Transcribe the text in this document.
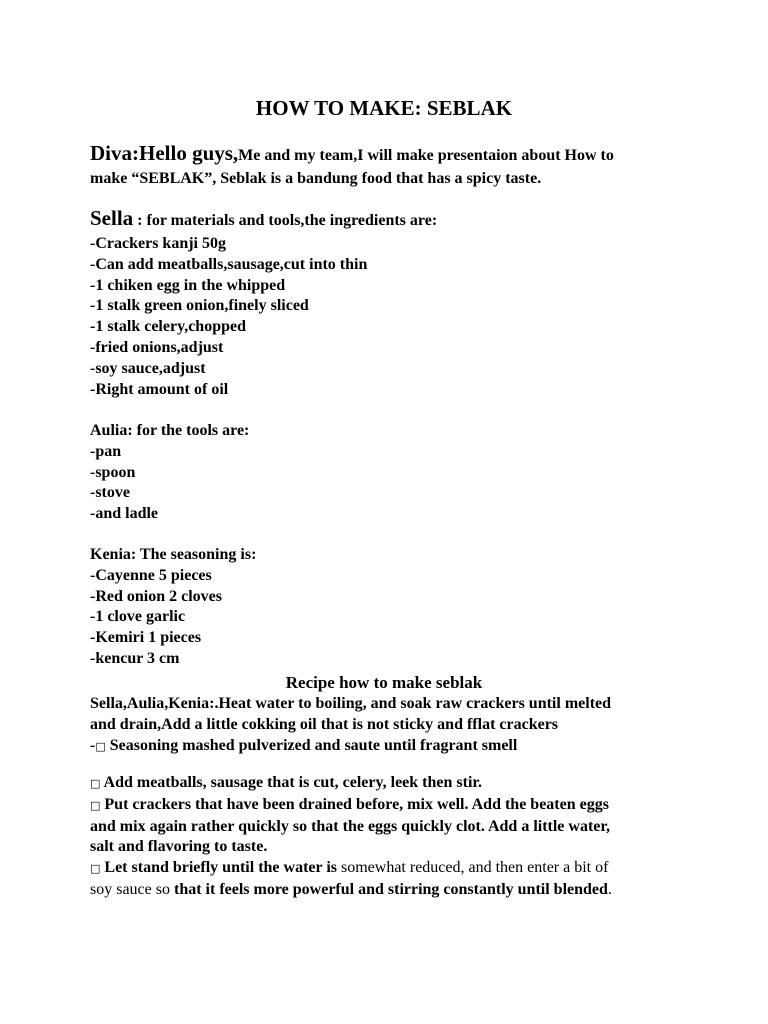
HOW TO MAKE: SEBLAK
Diva:Hello guys,Me and my team,I will make presentaion about How to
make “SEBLAK”, Seblak is a bandung food that has a spicy taste.
Sella : for materials and tools,the ingredients are:
-Crackers kanji 50g
-Can add meatballs,sausage,cut into thin
-1 chiken egg in the whipped
-1 stalk green onion,finely sliced
-1 stalk celery,chopped
-fried onions,adjust
-soy sauce,adjust
-Right amount of oil
Aulia: for the tools are:
-pan
-spoon
-stove
-and ladle
Kenia: The seasoning is:
-Cayenne 5 pieces
-Red onion 2 cloves
-1 clove garlic
-Kemiri 1 pieces
-kencur 3 cm
Recipe how to make seblak
Sella,Aulia,Kenia:.Heat water to boiling, and soak raw crackers until melted
and drain,Add a little cokking oil that is not sticky and fflat crackers
-□ Seasoning mashed pulverized and saute until fragrant smell
□ Add meatballs, sausage that is cut, celery, leek then stir.
□ Put crackers that have been drained before, mix well. Add the beaten eggs
and mix again rather quickly so that the eggs quickly clot. Add a little water,
salt and flavoring to taste.
□ Let stand briefly until the water is somewhat reduced, and then enter a bit of
soy sauce so that it feels more powerful and stirring constantly until blended.
